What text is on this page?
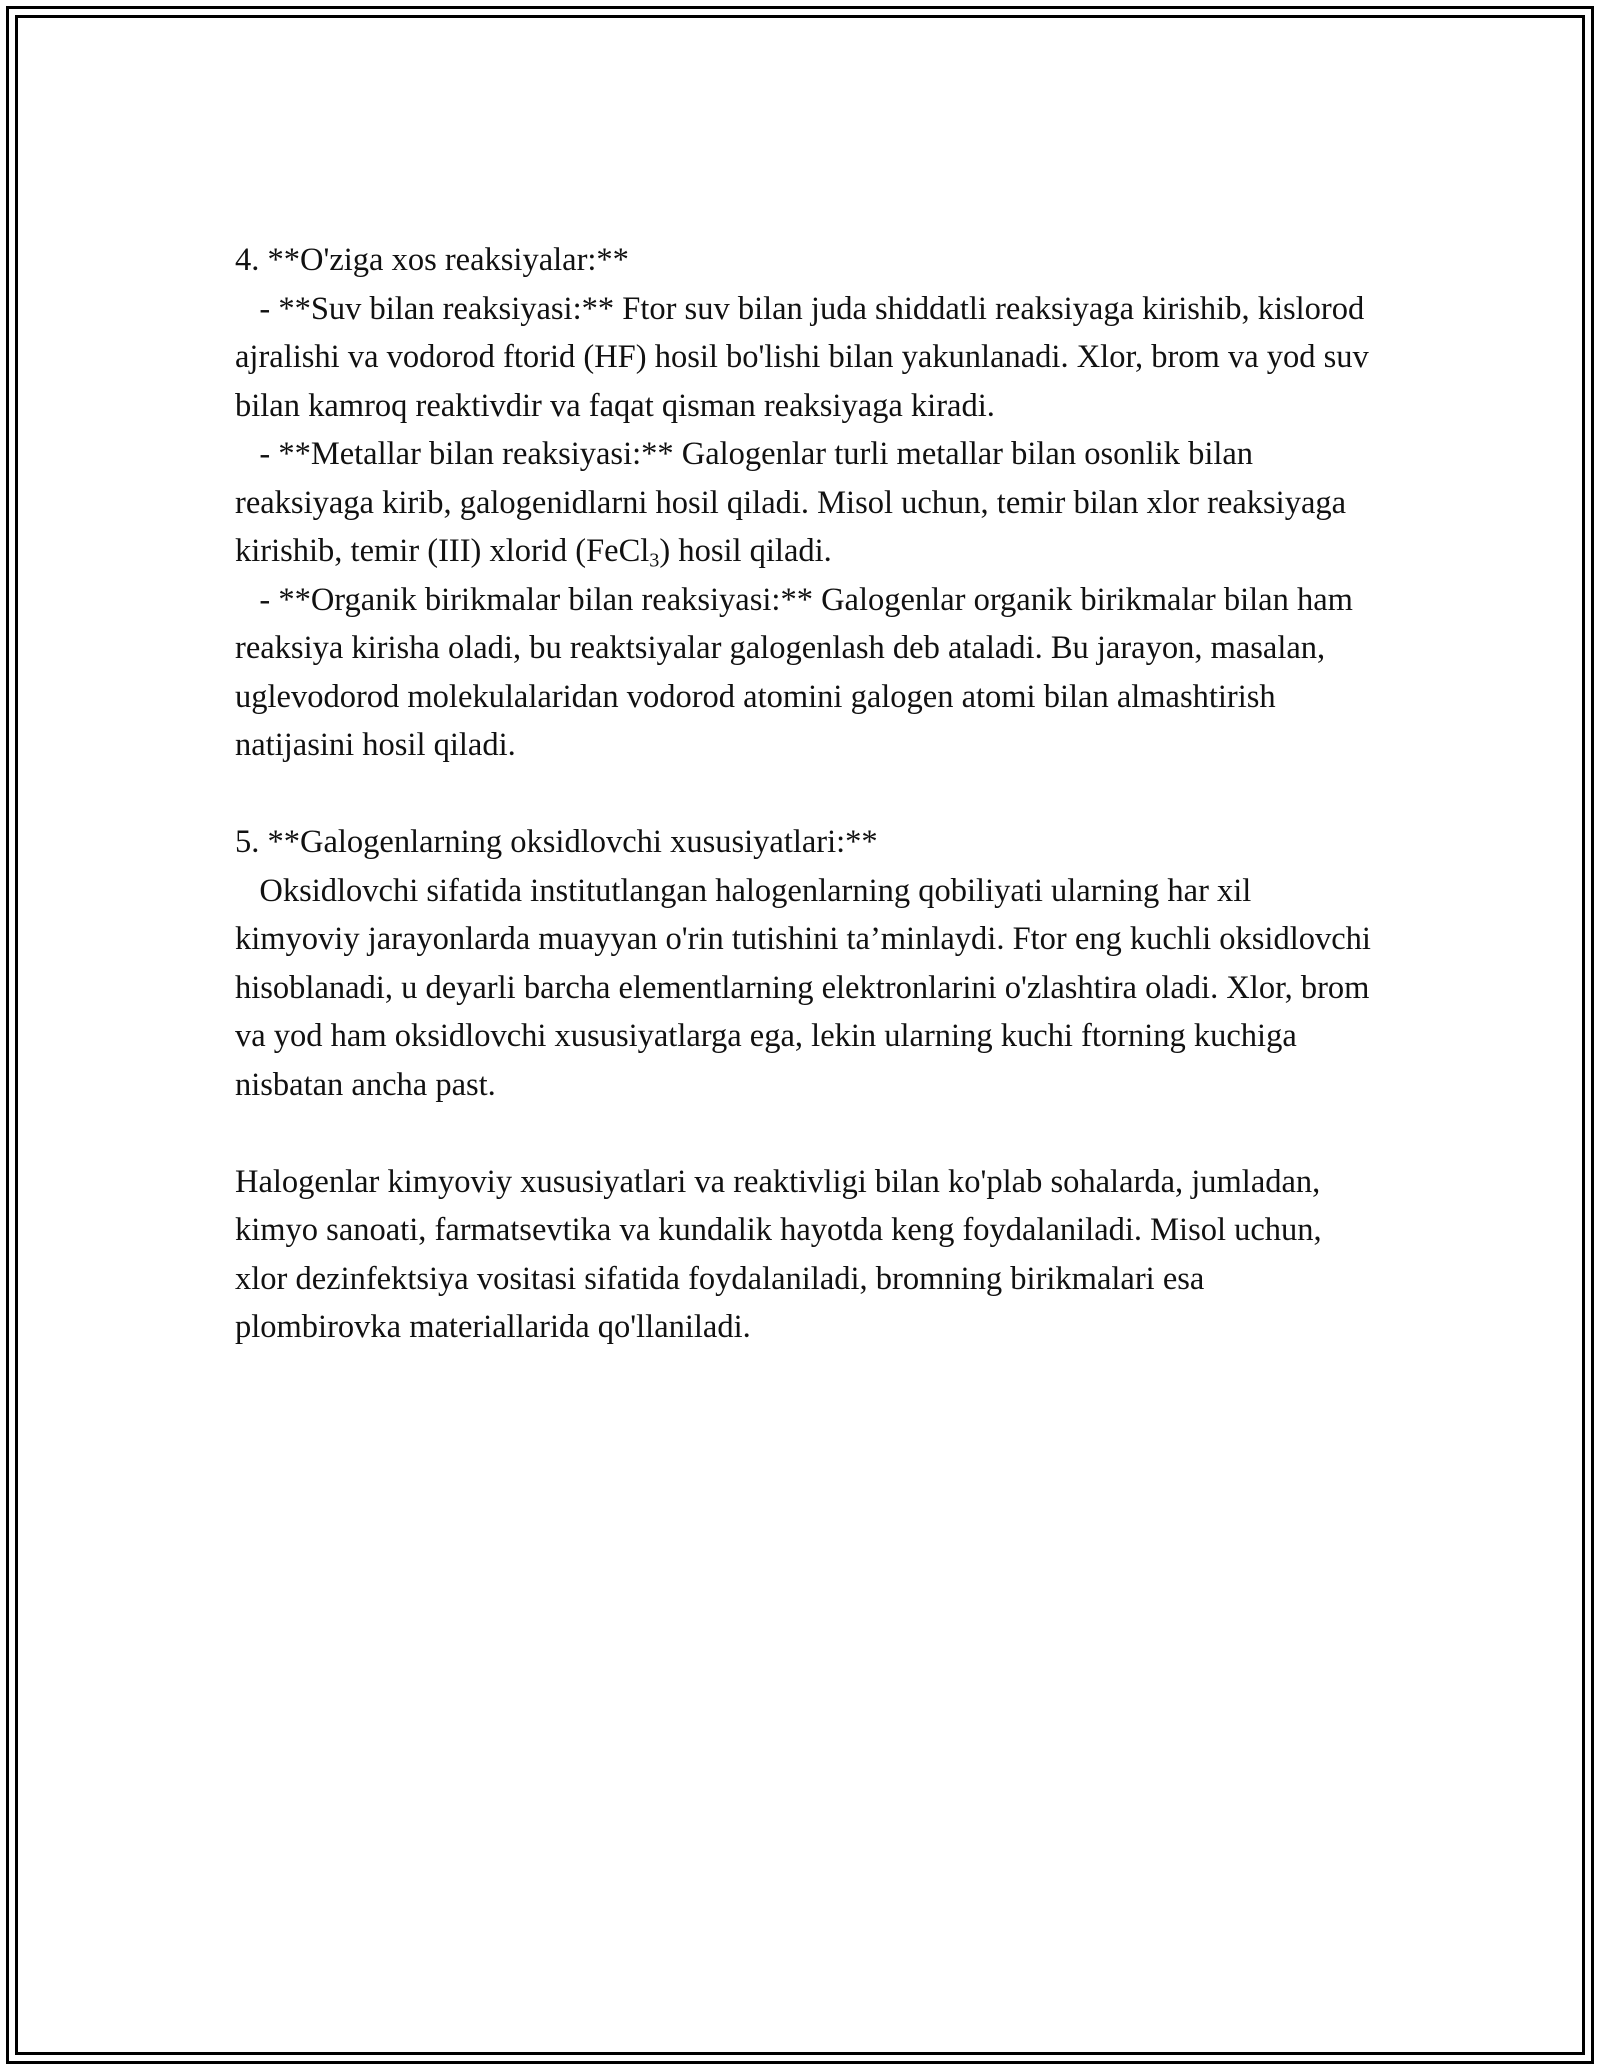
4. **O'ziga xos reaksiyalar:**

- **Suv bilan reaksiyasi:** Ftor suv bilan juda shiddatli reaksiyaga kirishib, kislorod ajralishi va vodorod ftorid (HF) hosil bo'lishi bilan yakunlanadi. Xlor, brom va yod suv bilan kamroq reaktivdir va faqat qisman reaksiyaga kiradi.

- **Metallar bilan reaksiyasi:** Galogenlar turli metallar bilan osonlik bilan reaksiyaga kirib, galogenidlarni hosil qiladi. Misol uchun, temir bilan xlor reaksiyaga kirishib, temir (III) xlorid (FeCl$_3$) hosil qiladi.

- **Organik birikmalar bilan reaksiyasi:** Galogenlar organik birikmalar bilan ham reaksiya kirisha oladi, bu reaktsiyalar galogenlash deb ataladi. Bu jarayon, masalan, uglevodorod molekulalaridan vodorod atomini galogen atomi bilan almashtirish natijasini hosil qiladi.

5. **Galogenlarning oksidlovchi xususiyatlari:**

Oksidlovchi sifatida institutlangan halogenlarning qobiliyati ularning har xil kimyoviy jarayonlarda muayyan o'rin tutishini ta’minlaydi. Ftor eng kuchli oksidlovchi hisoblanadi, u deyarli barcha elementlarning elektronlarini o'zlashtira oladi. Xlor, brom va yod ham oksidlovchi xususiyatlarga ega, lekin ularning kuchi ftorning kuchiga nisbatan ancha past.

Halogenlar kimyoviy xususiyatlari va reaktivligi bilan ko'plab sohalarda, jumladan, kimyo sanoati, farmatsevtika va kundalik hayotda keng foydalaniladi. Misol uchun, xlor dezinfektsiya vositasi sifatida foydalaniladi, bromning birikmalari esa plombirovka materiallarida qo'llaniladi.
